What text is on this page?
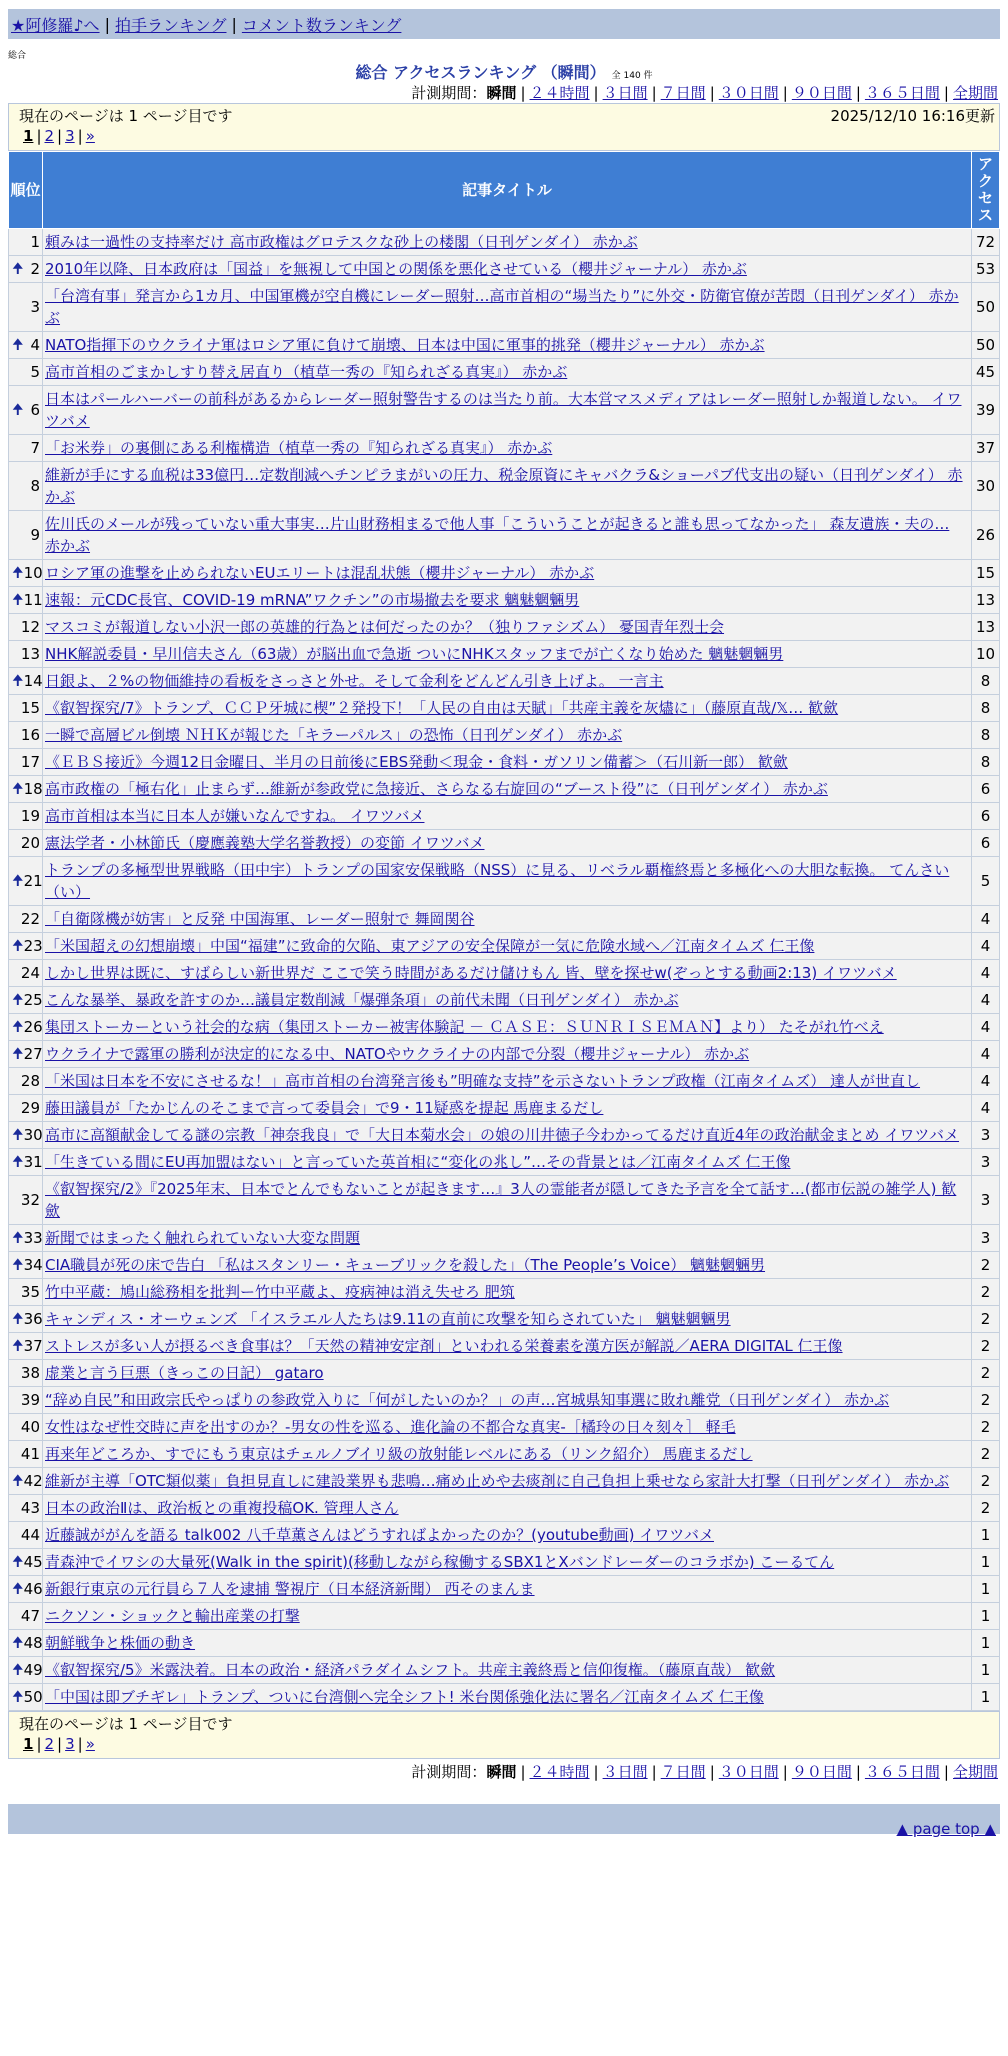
★阿修羅♪へ | 拍手ランキング | コメント数ランキング
総合
総合 アクセスランキング （瞬間） 全 140 件
計測期間：瞬間 | ２４時間 | ３日間 | ７日間 | ３０日間 | ９０日間 | ３６５日間 | 全期間
現在のページは 1 ページ目です	2025/12/10 16:16更新
1 | 2 | 3 | »
順位	記事タイトル	アクセス
1	頼みは一過性の支持率だけ 高市政権はグロテスクな砂上の楼閣（日刊ゲンダイ） 赤かぶ	72

🠉 2	2010年以降、日本政府は「国益」を無視して中国との関係を悪化させている（櫻井ジャーナル） 赤かぶ	53
3	「台湾有事」発言から1カ月、中国軍機が空自機にレーダー照射…高市首相の“場当たり”に外交・防衛官僚が苦悶（日刊ゲンダイ） 赤かぶ	50

🠉 4	NATO指揮下のウクライナ軍はロシア軍に負けて崩壊、日本は中国に軍事的挑発（櫻井ジャーナル） 赤かぶ	50
5	高市首相のごまかしすり替え居直り（植草一秀の『知られざる真実』） 赤かぶ	45

🠉 6	日本はパールハーバーの前科があるからレーダー照射警告するのは当たり前。大本営マスメディアはレーダー照射しか報道しない。 イワツバメ	39
7	「お米券」の裏側にある利権構造（植草一秀の『知られざる真実』） 赤かぶ	37
8	維新が手にする血税は33億円…定数削減へチンピラまがいの圧力、税金原資にキャバクラ&ショーパブ代支出の疑い（日刊ゲンダイ） 赤かぶ	30
9	佐川氏のメールが残っていない重大事実…片山財務相まるで他人事「こういうことが起きると誰も思ってなかった」 森友遺族・夫の… 赤かぶ	26

🠉 10	ロシア軍の進撃を止められないEUエリートは混乱状態（櫻井ジャーナル） 赤かぶ	15

🠉 11	速報：元CDC長官、COVID-19 mRNA”ワクチン”の市場撤去を要求 魑魅魍魎男	13
12	マスコミが報道しない小沢一郎の英雄的行為とは何だったのか？（独りファシズム） 憂国青年烈士会	13
13	NHK解説委員・早川信夫さん（63歳）が脳出血で急逝 ついにNHKスタッフまでが亡くなり始めた 魑魅魍魎男	10

🠉 14	日銀よ、２%の物価維持の看板をさっさと外せ。そして金利をどんどん引き上げよ。 一言主	8
15	《叡智探究/7》トランプ、ＣＣＰ牙城に楔”２発投下！「人民の自由は天賦」「共産主義を灰燼に」（藤原直哉/𝕏… 歓歛	8
16	一瞬で高層ビル倒壊 ＮＨＫが報じた「キラーパルス」の恐怖（日刊ゲンダイ） 赤かぶ	8
17	《ＥＢＳ接近》今週12日金曜日、半月の日前後にEBS発動＜現金・食料・ガソリン備蓄＞（石川新一郎） 歓歛	8

🠉 18	高市政権の「極右化」止まらず…維新が参政党に急接近、さらなる右旋回の“ブースト役”に（日刊ゲンダイ） 赤かぶ	6
19	高市首相は本当に日本人が嫌いなんですね。 イワツバメ	6
20	憲法学者・小林節氏（慶應義塾大学名誉教授）の変節 イワツバメ	6

🠉 21	トランプの多極型世界戦略（田中宇）トランプの国家安保戦略（NSS）に見る、リベラル覇権終焉と多極化への大胆な転換。 てんさい（い）	5
22	「自衛隊機が妨害」と反発 中国海軍、レーダー照射で 舞岡関谷	4

🠉 23	「米国超えの幻想崩壊」中国“福建”に致命的欠陥、東アジアの安全保障が一気に危険水域へ／江南タイムズ 仁王像	4
24	しかし世界は既に、すばらしい新世界だ ここで笑う時間があるだけ儲けもん 皆、壁を探せw(ぞっとする動画2:13) イワツバメ	4

🠉 25	こんな暴挙、暴政を許すのか…議員定数削減「爆弾条項」の前代未聞（日刊ゲンダイ） 赤かぶ	4

🠉 26	集団ストーカーという社会的な病（集団ストーカー被害体験記 － ＣＡＳＥ：ＳＵＮＲＩＳＥＭＡＮ】より） たそがれ竹べえ	4

🠉 27	ウクライナで露軍の勝利が決定的になる中、NATOやウクライナの内部で分裂（櫻井ジャーナル） 赤かぶ	4
28	「米国は日本を不安にさせるな！」高市首相の台湾発言後も”明確な支持”を示さないトランプ政権（江南タイムズ） 達人が世直し	4
29	藤田議員が「たかじんのそこまで言って委員会」で9・11疑惑を提起 馬鹿まるだし	4

🠉 30	高市に高額献金してる謎の宗教「神奈我良」で「大日本菊水会」の娘の川井徳子今わかってるだけ直近4年の政治献金まとめ イワツバメ	3

🠉 31	「生きている間にEU再加盟はない」と言っていた英首相に“変化の兆し”…その背景とは／江南タイムズ 仁王像	3
32	《叡智探究/2》『2025年末、日本でとんでもないことが起きます…』3人の霊能者が隠してきた予言を全て話す…(都市伝説の雑学人) 歓歛	3

🠉 33	新聞ではまったく触れられていない大変な問題	3

🠉 34	CIA職員が死の床で告白 「私はスタンリー・キューブリックを殺した」（The People’s Voice） 魑魅魍魎男	2
35	竹中平蔵：鳩山総務相を批判ー竹中平蔵よ、疫病神は消え失せろ 肥筑	2

🠉 36	キャンディス・オーウェンズ 「イスラエル人たちは9.11の直前に攻撃を知らされていた」 魑魅魍魎男	2

🠉 37	ストレスが多い人が摂るべき食事は？「天然の精神安定剤」といわれる栄養素を漢方医が解説／AERA DIGITAL 仁王像	2
38	虚業と言う巨悪（きっこの日記） gataro	2
39	“辞め自民”和田政宗氏やっぱりの参政党入りに「何がしたいのか？」の声…宮城県知事選に敗れ離党（日刊ゲンダイ） 赤かぶ	2
40	女性はなぜ性交時に声を出すのか？-男女の性を巡る、進化論の不都合な真実-［橘玲の日々刻々］ 軽毛	2
41	再来年どころか、すでにもう東京はチェルノブイリ級の放射能レベルにある（リンク紹介） 馬鹿まるだし	2

🠉 42	維新が主導「OTC類似薬」負担見直しに建設業界も悲鳴…痛め止めや去痰剤に自己負担上乗せなら家計大打撃（日刊ゲンダイ） 赤かぶ	2
43	日本の政治Ⅱは、政治板との重複投稿OK. 管理人さん	2
44	近藤誠ががんを語る talk002 八千草薫さんはどうすればよかったのか？(youtube動画) イワツバメ	1

🠉 45	青森沖でイワシの大量死(Walk in the spirit)(移動しながら稼働するSBX1とXバンドレーダーのコラボか) こーるてん	1

🠉 46	新銀行東京の元行員ら７人を逮捕 警視庁（日本経済新聞） 西そのまんま	1
47	ニクソン・ショックと輸出産業の打撃	1

🠉 48	朝鮮戦争と株価の動き	1

🠉 49	《叡智探究/5》米露決着。日本の政治・経済パラダイムシフト。共産主義終焉と信仰復権。（藤原直哉） 歓歛	1

🠉 50	「中国は即ブチギレ」トランプ、ついに台湾側へ完全シフト! 米台関係強化法に署名／江南タイムズ 仁王像	1
現在のページは 1 ページ目です
1 | 2 | 3 | »
計測期間：瞬間 | ２４時間 | ３日間 | ７日間 | ３０日間 | ９０日間 | ３６５日間 | 全期間
▲ page top ▲
